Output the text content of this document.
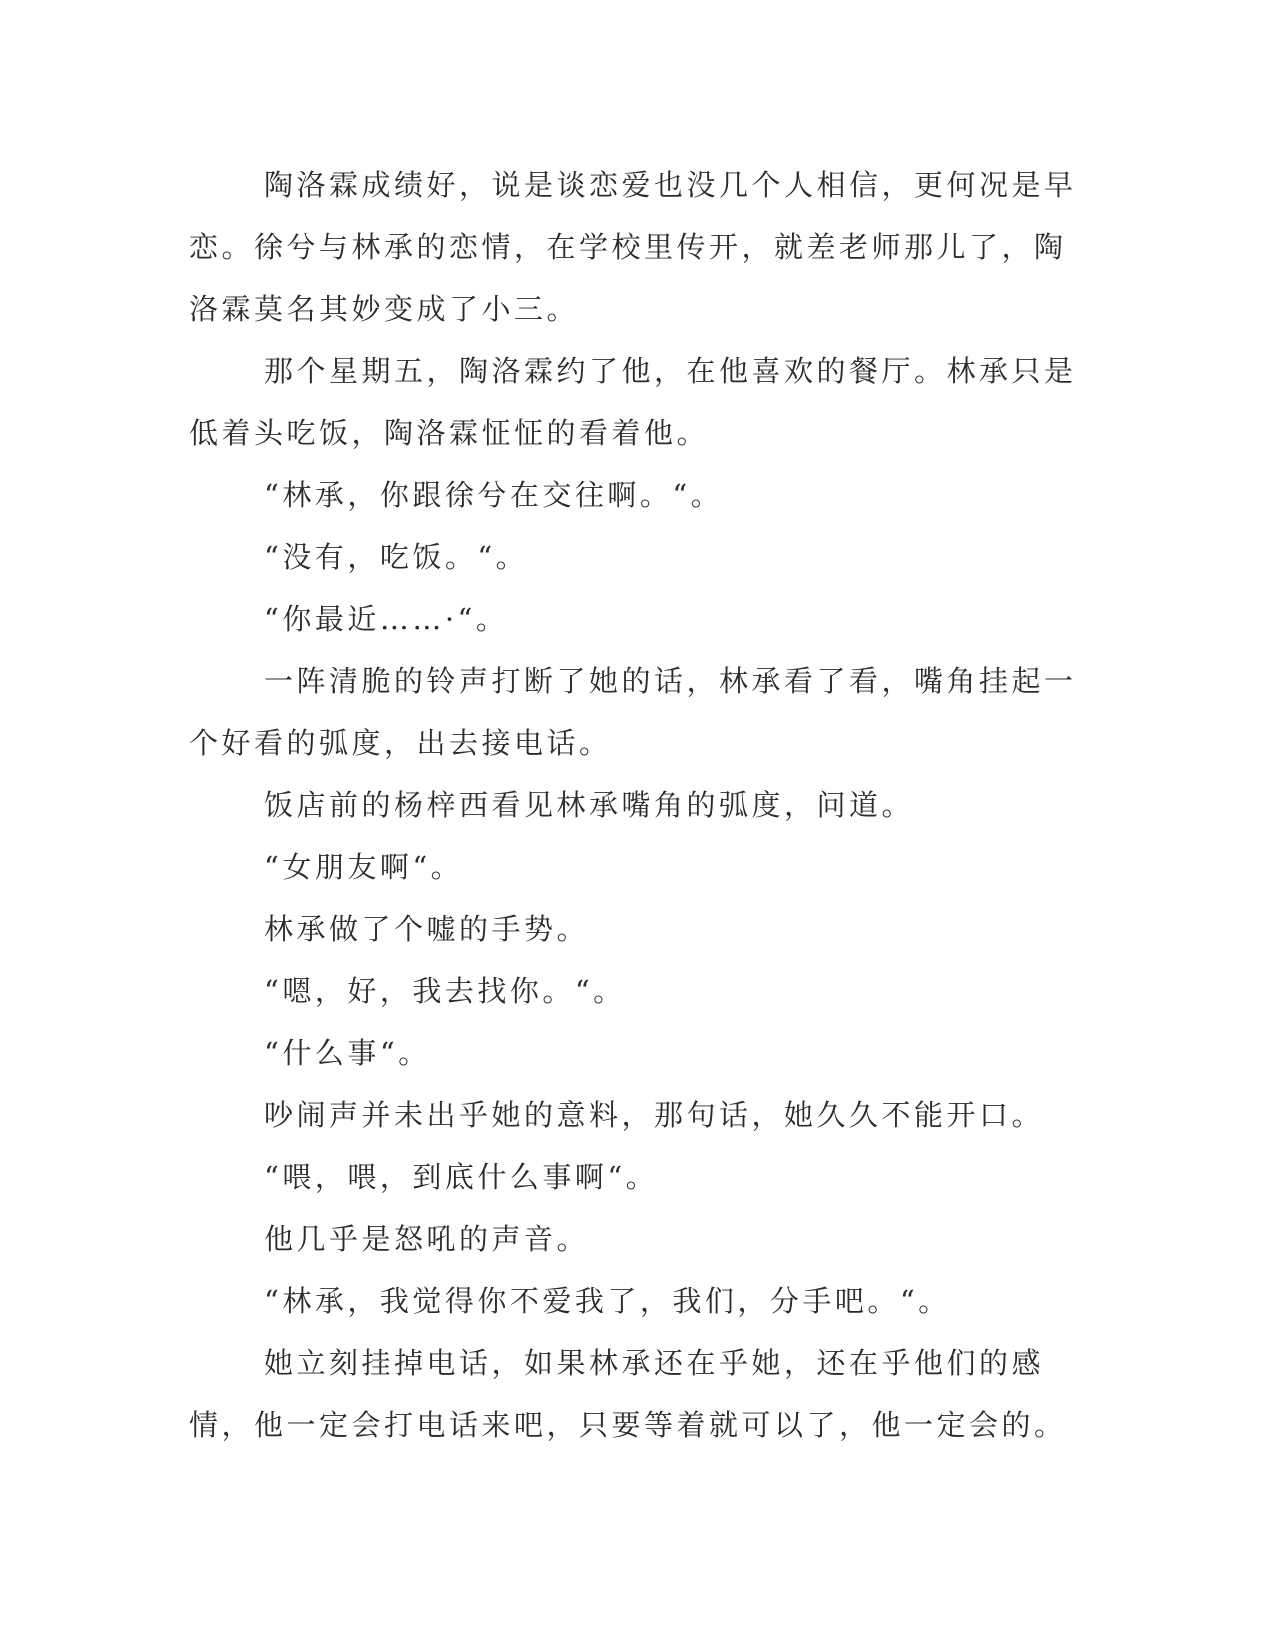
陶洛霖成绩好，说是谈恋爱也没几个人相信，更何况是早恋。徐兮与林承的恋情，在学校里传开，就差老师那儿了，陶洛霖莫名其妙变成了小三。

那个星期五，陶洛霖约了他，在他喜欢的餐厅。林承只是低着头吃饭，陶洛霖怔怔的看着他。

“林承，你跟徐兮在交往啊。“。

“没有，吃饭。“。

“你最近……·“。

一阵清脆的铃声打断了她的话，林承看了看，嘴角挂起一个好看的弧度，出去接电话。

饭店前的杨梓西看见林承嘴角的弧度，问道。

“女朋友啊“。

林承做了个嘘的手势。

“嗯，好，我去找你。“。

“什么事“。

吵闹声并未出乎她的意料，那句话，她久久不能开口。

“喂，喂，到底什么事啊“。

他几乎是怒吼的声音。

“林承，我觉得你不爱我了，我们，分手吧。“。

她立刻挂掉电话，如果林承还在乎她，还在乎他们的感情，他一定会打电话来吧，只要等着就可以了，他一定会的。
